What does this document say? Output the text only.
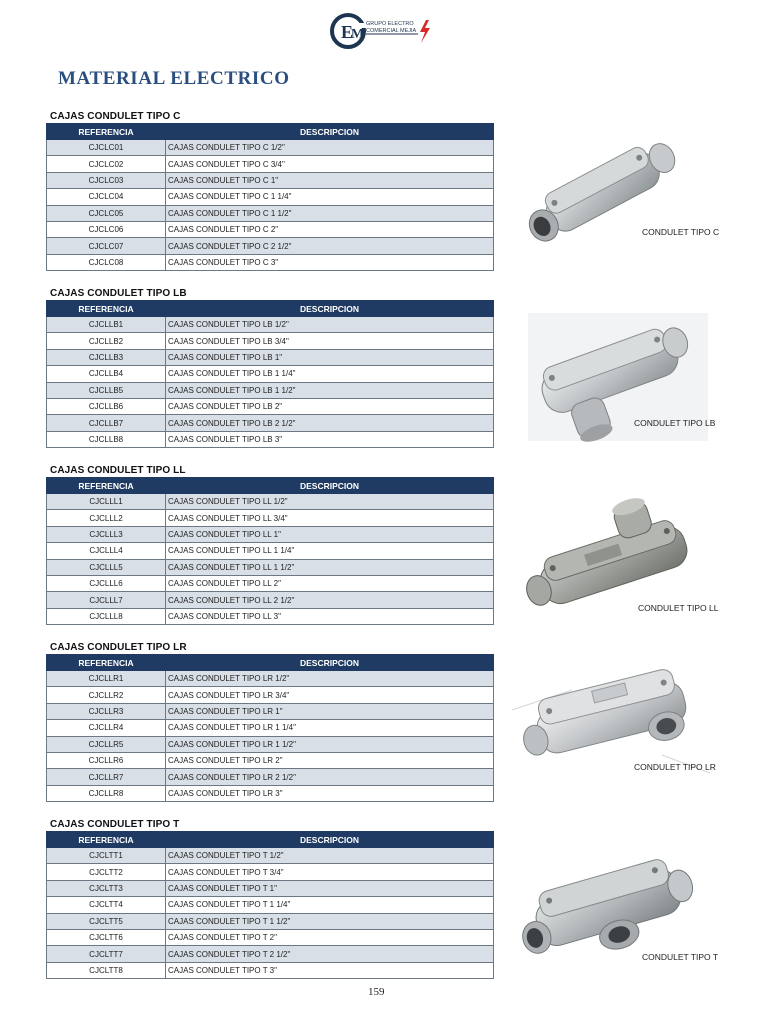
E
M
GRUPO ELECTRO
COMERCIAL MEJIA
MATERIAL ELECTRICO
CAJAS CONDULET TIPO C
REFERENCIA	DESCRIPCION
CJCLC01	CAJAS CONDULET TIPO C 1/2"
CJCLC02	CAJAS CONDULET TIPO C 3/4"
CJCLC03	CAJAS CONDULET TIPO C 1"
CJCLC04	CAJAS CONDULET TIPO C 1 1/4"
CJCLC05	CAJAS CONDULET TIPO C 1 1/2"
CJCLC06	CAJAS CONDULET TIPO C 2"
CJCLC07	CAJAS CONDULET TIPO C 2 1/2"
CJCLC08	CAJAS CONDULET TIPO C 3"
CONDULET TIPO C
CAJAS CONDULET TIPO LB
REFERENCIA	DESCRIPCION
CJCLLB1	CAJAS CONDULET TIPO LB 1/2"
CJCLLB2	CAJAS CONDULET TIPO LB 3/4"
CJCLLB3	CAJAS CONDULET TIPO LB 1"
CJCLLB4	CAJAS CONDULET TIPO LB 1 1/4"
CJCLLB5	CAJAS CONDULET TIPO LB 1 1/2"
CJCLLB6	CAJAS CONDULET TIPO LB 2"
CJCLLB7	CAJAS CONDULET TIPO LB 2 1/2"
CJCLLB8	CAJAS CONDULET TIPO LB 3"
CONDULET TIPO LB
CAJAS CONDULET TIPO LL
REFERENCIA	DESCRIPCION
CJCLLL1	CAJAS CONDULET TIPO LL 1/2"
CJCLLL2	CAJAS CONDULET TIPO LL 3/4"
CJCLLL3	CAJAS CONDULET TIPO LL 1"
CJCLLL4	CAJAS CONDULET TIPO LL 1 1/4"
CJCLLL5	CAJAS CONDULET TIPO LL 1 1/2"
CJCLLL6	CAJAS CONDULET TIPO LL 2"
CJCLLL7	CAJAS CONDULET TIPO LL 2 1/2"
CJCLLL8	CAJAS CONDULET TIPO LL 3"
CONDULET TIPO LL
CAJAS CONDULET TIPO LR
REFERENCIA	DESCRIPCION
CJCLLR1	CAJAS CONDULET TIPO LR 1/2"
CJCLLR2	CAJAS CONDULET TIPO LR 3/4"
CJCLLR3	CAJAS CONDULET TIPO LR 1"
CJCLLR4	CAJAS CONDULET TIPO LR 1 1/4"
CJCLLR5	CAJAS CONDULET TIPO LR 1 1/2"
CJCLLR6	CAJAS CONDULET TIPO LR 2"
CJCLLR7	CAJAS CONDULET TIPO LR 2 1/2"
CJCLLR8	CAJAS CONDULET TIPO LR 3"
CONDULET TIPO LR
CAJAS CONDULET TIPO T
REFERENCIA	DESCRIPCION
CJCLTT1	CAJAS CONDULET TIPO T 1/2"
CJCLTT2	CAJAS CONDULET TIPO T 3/4"
CJCLTT3	CAJAS CONDULET TIPO T 1"
CJCLTT4	CAJAS CONDULET TIPO T 1 1/4"
CJCLTT5	CAJAS CONDULET TIPO T 1 1/2"
CJCLTT6	CAJAS CONDULET TIPO T 2"
CJCLTT7	CAJAS CONDULET TIPO T 2 1/2"
CJCLTT8	CAJAS CONDULET TIPO T 3"
CONDULET TIPO T
159
